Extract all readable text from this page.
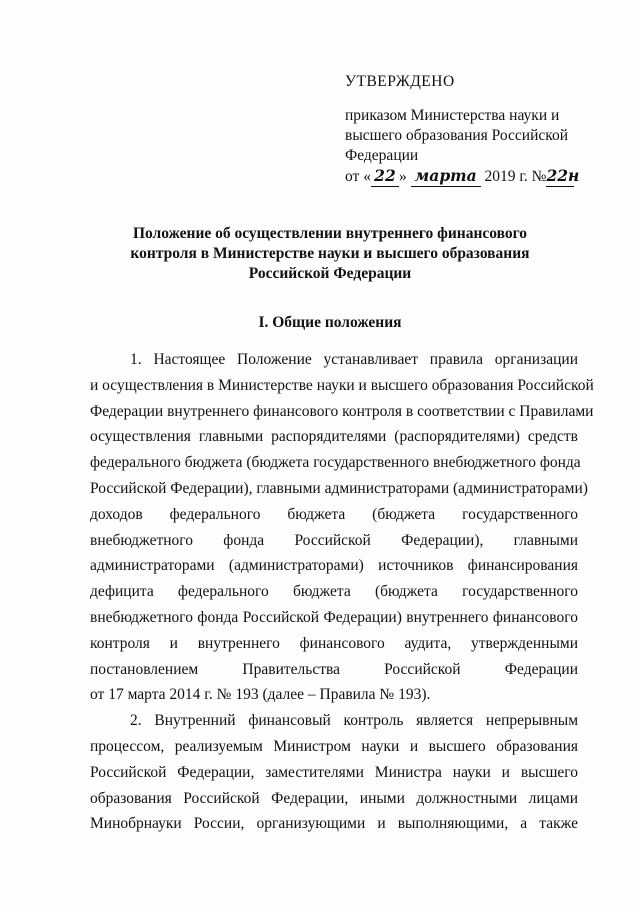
УТВЕРЖДЕНО

приказом Министерства науки и

высшего образования Российской

Федерации

от « 22 » марта 2019 г. №22н

Положение об осуществлении внутреннего финансового
контроля в Министерстве науки и высшего образования
Российской Федерации
I. Общие положения
1. Настоящее Положение устанавливает правила организации
и осуществления в Министерстве науки и высшего образования Российской
Федерации внутреннего финансового контроля в соответствии с Правилами
осуществления главными распорядителями (распорядителями) средств
федерального бюджета (бюджета государственного внебюджетного фонда
Российской Федерации), главными администраторами (администраторами)
доходов федерального бюджета (бюджета государственного
внебюджетного фонда Российской Федерации), главными
администраторами (администраторами) источников финансирования
дефицита федерального бюджета (бюджета государственного
внебюджетного фонда Российской Федерации) внутреннего финансового
контроля и внутреннего финансового аудита, утвержденными
постановлением Правительства Российской Федерации
от 17 марта 2014 г. № 193 (далее – Правила № 193).
2. Внутренний финансовый контроль является непрерывным
процессом, реализуемым Министром науки и высшего образования
Российской Федерации, заместителями Министра науки и высшего
образования Российской Федерации, иными должностными лицами
Минобрнауки России, организующими и выполняющими, а также
